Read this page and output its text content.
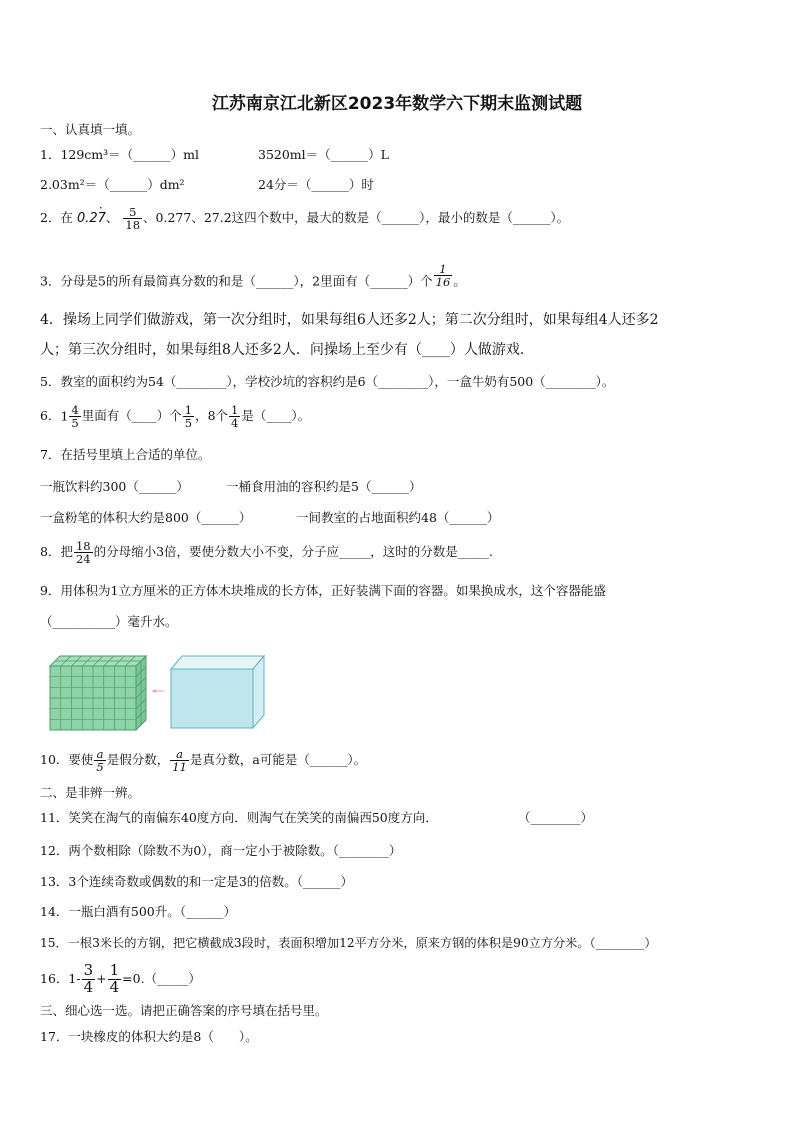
江苏南京江北新区2023年数学六下期末监测试题
一、认真填一填。
1．129cm³＝（______）ml	3520ml＝（______）L
2.03m²＝（______）dm²	24分＝（______）时
2．在 0.2· 7、 $\frac{5}{18}$ 、0.277、27.2这四个数中，最大的数是（______），最小的数是（______）。
3．分母是5的所有最简真分数的和是（______），2里面有（______）个 $\frac{1}{16}$ 。
4．操场上同学们做游戏，第一次分组时，如果每组6人还多2人；第二次分组时，如果每组4人还多2
人；第三次分组时，如果每组8人还多2人．问操场上至少有（____）人做游戏.
5．教室的面积约为54（________），学校沙坑的容积约是6（________），一盒牛奶有500（________）。
6．$1 \frac{4}{5}$ 里面有（____）个 $\frac{1}{5}$ ，8个 $\frac{1}{4}$ 是（____）。
7．在括号里填上合适的单位。
一瓶饮料约300（______）	一桶食用油的容积约是5（______）
一盒粉笔的体积大约是800（______）	一间教室的占地面积约48（______）
8．把 $\frac{18}{24}$ 的分母缩小3倍，要使分数大小不变，分子应_____，这时的分数是_____.
9．用体积为1立方厘米的正方体木块堆成的长方体，正好装满下面的容器。如果换成水，这个容器能盛
（__________）毫升水。
10．要使 $\frac{a}{5}$ 是假分数， $\frac{a}{11}$ 是真分数，a可能是（______）。
二、是非辨一辨。
11．笑笑在淘气的南偏东40度方向．则淘气在笑笑的南偏西50度方向．	（________）
12．两个数相除（除数不为0），商一定小于被除数。（________）
13．3个连续奇数或偶数的和一定是3的倍数。（______）
14．一瓶白酒有500升。（______）
15．一根3米长的方钢，把它横截成3段时，表面积增加12平方分米，原来方钢的体积是90立方分米。（________）
16．$1- \frac{3}{4} + \frac{1}{4}$ =0.（_____）
三、细心选一选。请把正确答案的序号填在括号里。
17．一块橡皮的体积大约是8（　　）。
